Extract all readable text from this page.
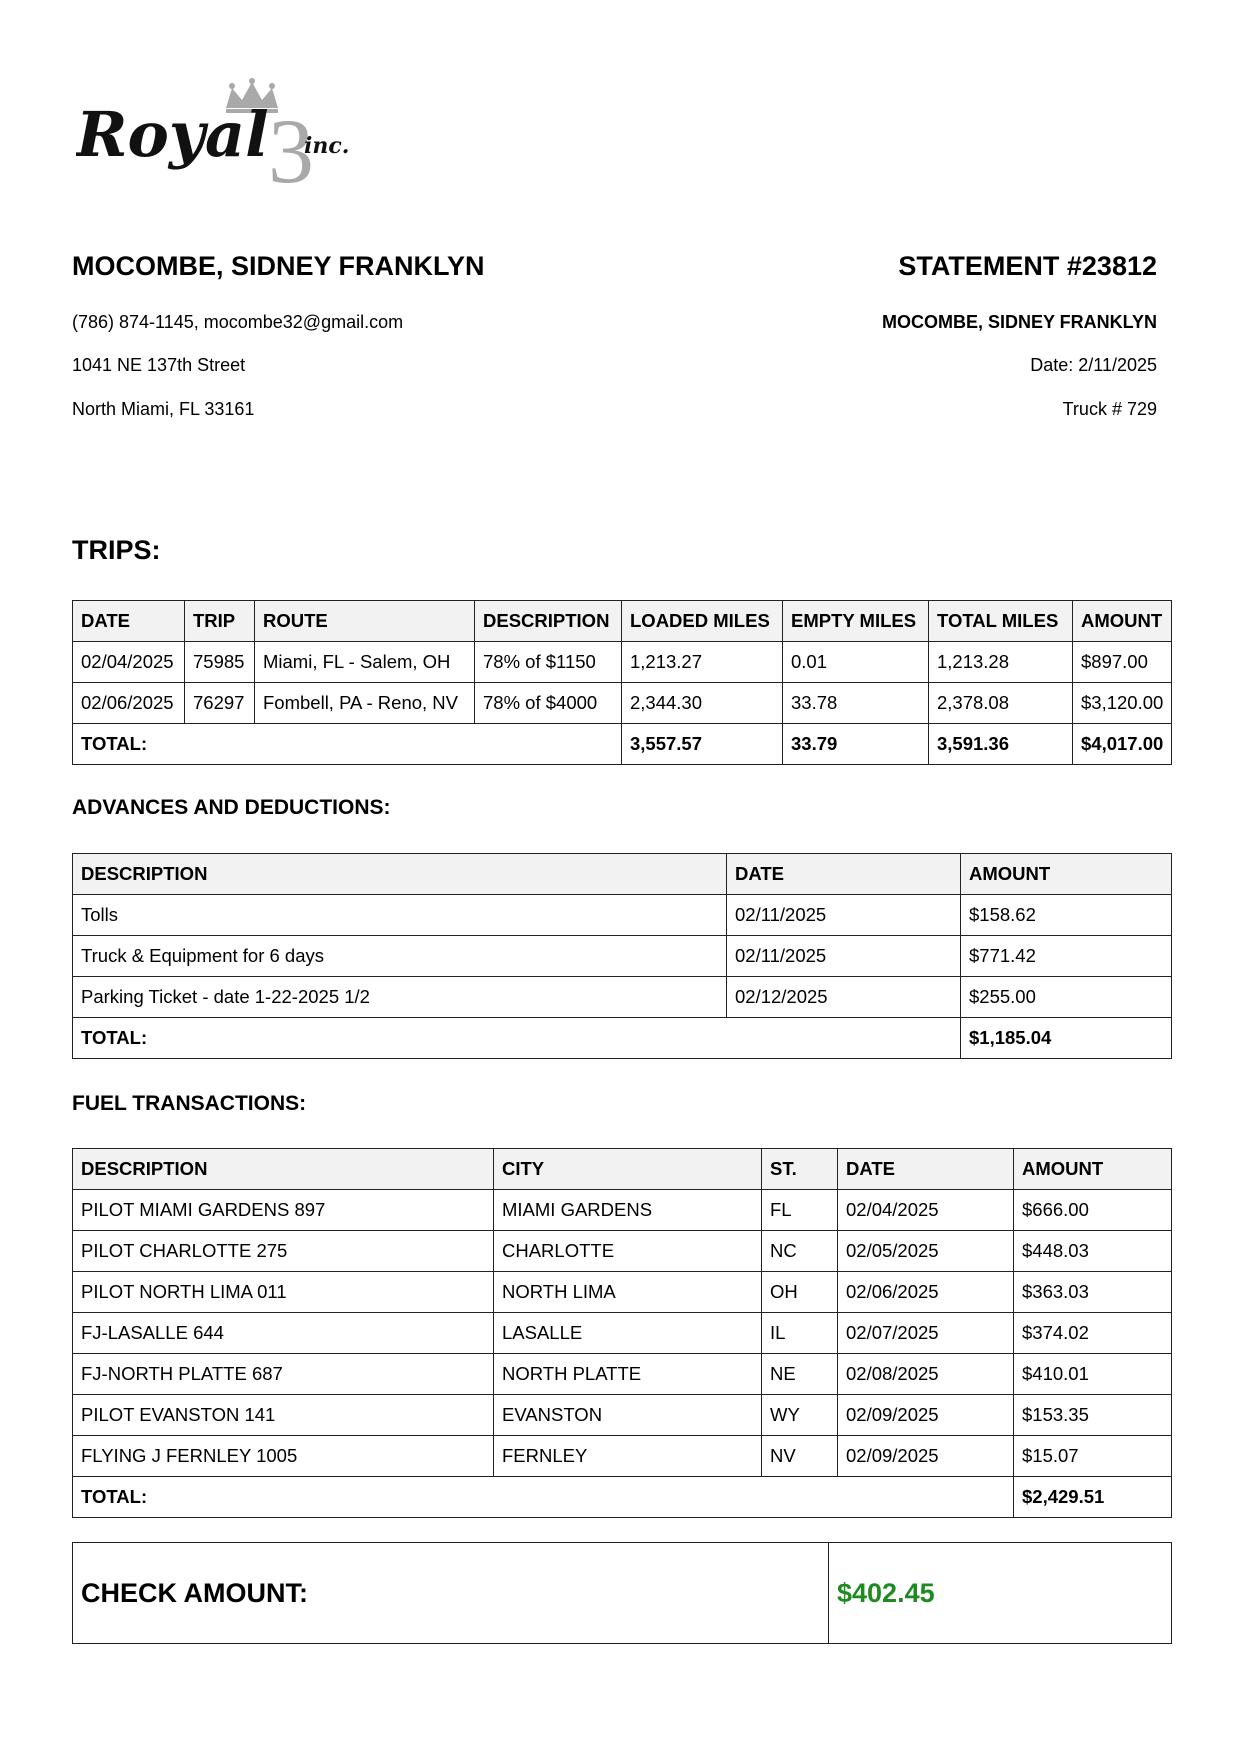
3
Royal inc.
MOCOMBE, SIDNEY FRANKLYN
(786) 874-1145, mocombe32@gmail.com
1041 NE 137th Street
North Miami, FL 33161
STATEMENT #23812
MOCOMBE, SIDNEY FRANKLYN
Date: 2/11/2025
Truck # 729
TRIPS:
DATE	TRIP	ROUTE	DESCRIPTION	LOADED MILES	EMPTY MILES	TOTAL MILES	AMOUNT
02/04/2025	75985	Miami, FL - Salem, OH	78% of $1150	1,213.27	0.01	1,213.28	$897.00
02/06/2025	76297	Fombell, PA - Reno, NV	78% of $4000	2,344.30	33.78	2,378.08	$3,120.00
TOTAL:				3,557.57	33.79	3,591.36	$4,017.00
ADVANCES AND DEDUCTIONS:
DESCRIPTION	DATE	AMOUNT
Tolls	02/11/2025	$158.62
Truck & Equipment for 6 days	02/11/2025	$771.42
Parking Ticket - date 1-22-2025 1/2	02/12/2025	$255.00
TOTAL:		$1,185.04
FUEL TRANSACTIONS:
DESCRIPTION	CITY	ST.	DATE	AMOUNT
PILOT MIAMI GARDENS 897	MIAMI GARDENS	FL	02/04/2025	$666.00
PILOT CHARLOTTE 275	CHARLOTTE	NC	02/05/2025	$448.03
PILOT NORTH LIMA 011	NORTH LIMA	OH	02/06/2025	$363.03
FJ-LASALLE 644	LASALLE	IL	02/07/2025	$374.02
FJ-NORTH PLATTE 687	NORTH PLATTE	NE	02/08/2025	$410.01
PILOT EVANSTON 141	EVANSTON	WY	02/09/2025	$153.35
FLYING J FERNLEY 1005	FERNLEY	NV	02/09/2025	$15.07
TOTAL:				$2,429.51
CHECK AMOUNT:	$402.45
